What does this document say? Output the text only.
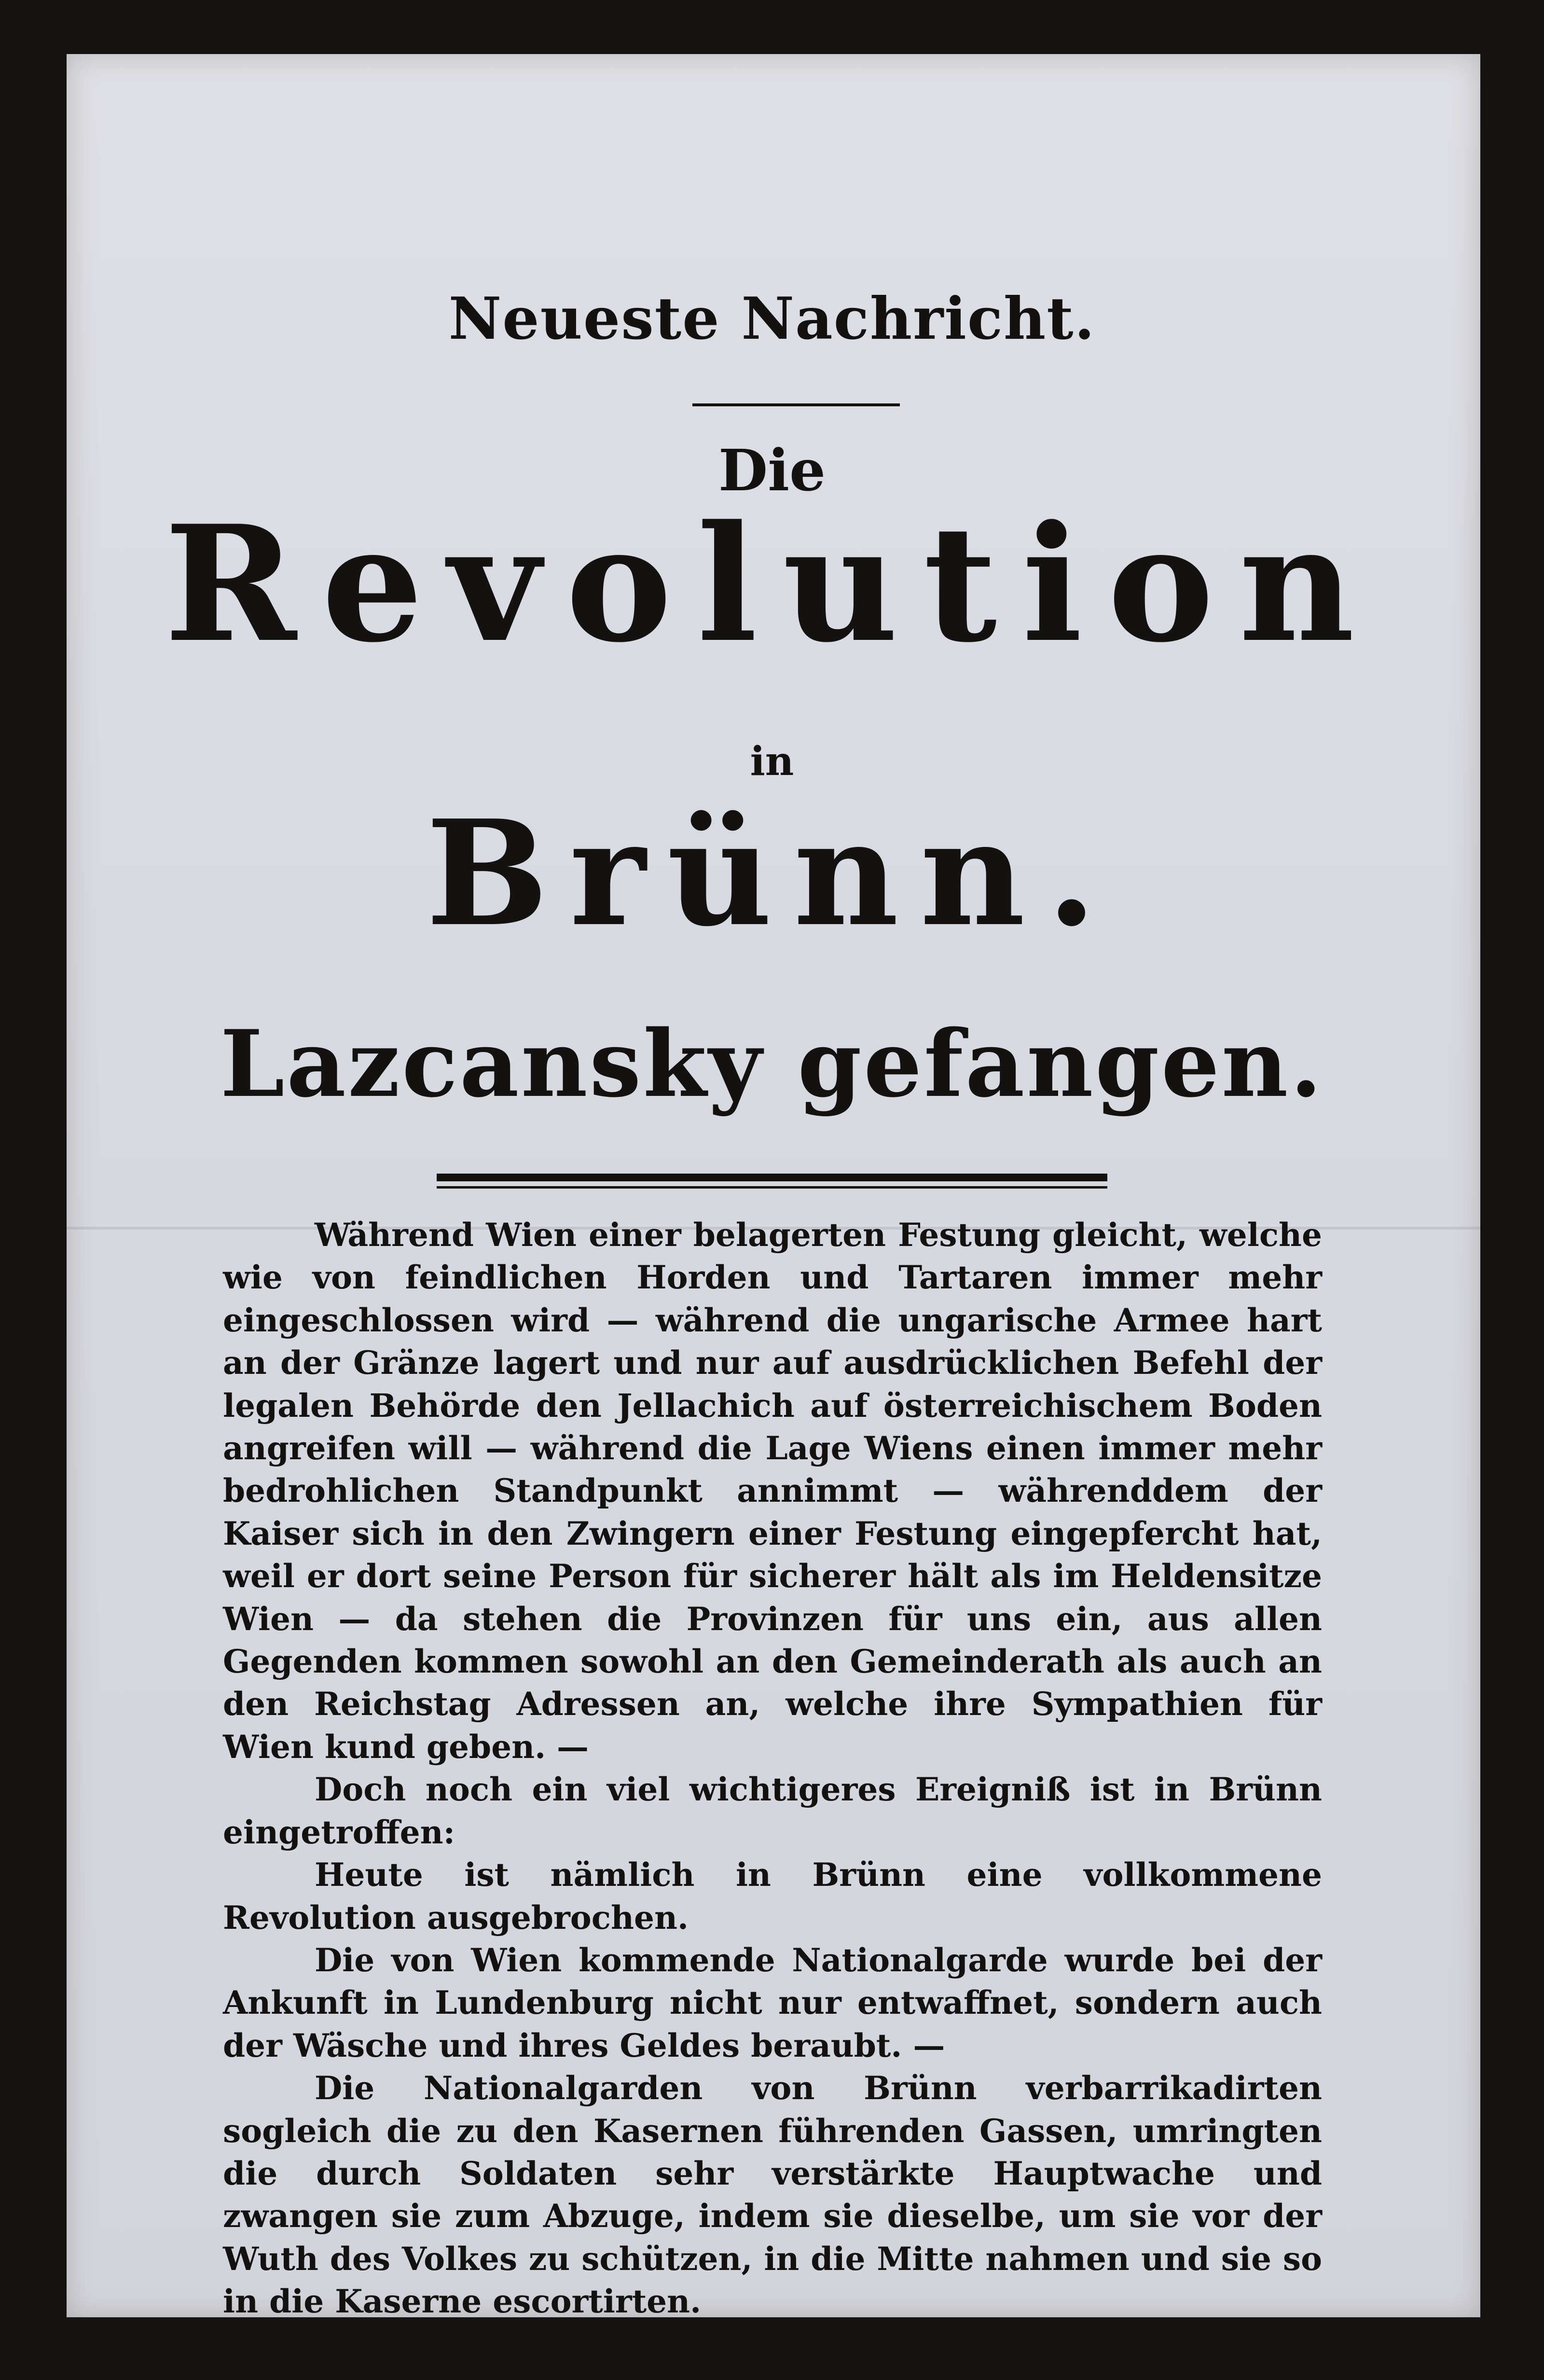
Neueste Nachricht.
Die
Revolution
in
Brünn.
Lazcansky gefangen.

Während Wien einer belagerten Festung gleicht, welche wie von feindlichen Horden und Tartaren immer mehr eingeschlossen wird — während die ungarische Armee hart an der Gränze lagert und nur auf ausdrücklichen Befehl der legalen Behörde den Jellachich auf österreichischem Boden angreifen will — während die Lage Wiens einen immer mehr bedrohlichen Standpunkt annimmt — währenddem der Kaiser sich in den Zwingern einer Festung eingepfercht hat, weil er dort seine Person für sicherer hält als im Heldensitze Wien — da stehen die Provinzen für uns ein, aus allen Gegenden kommen sowohl an den Gemeinderath als auch an den Reichstag Adressen an, welche ihre Sympathien für Wien kund geben. —

Doch noch ein viel wichtigeres Ereigniß ist in Brünn eingetroffen:

Heute ist nämlich in Brünn eine vollkommene Revolution ausgebrochen.

Die von Wien kommende Nationalgarde wurde bei der Ankunft in Lundenburg nicht nur entwaffnet, sondern auch der Wäsche und ihres Geldes beraubt. —

Die Nationalgarden von Brünn verbarrikadirten sogleich die zu den Kasernen führenden Gassen, umringten die durch Soldaten sehr verstärkte Hauptwache und zwangen sie zum Abzuge, indem sie dieselbe, um sie vor der Wuth des Volkes zu schützen, in die Mitte nahmen und sie so in die Kaserne escortirten.
